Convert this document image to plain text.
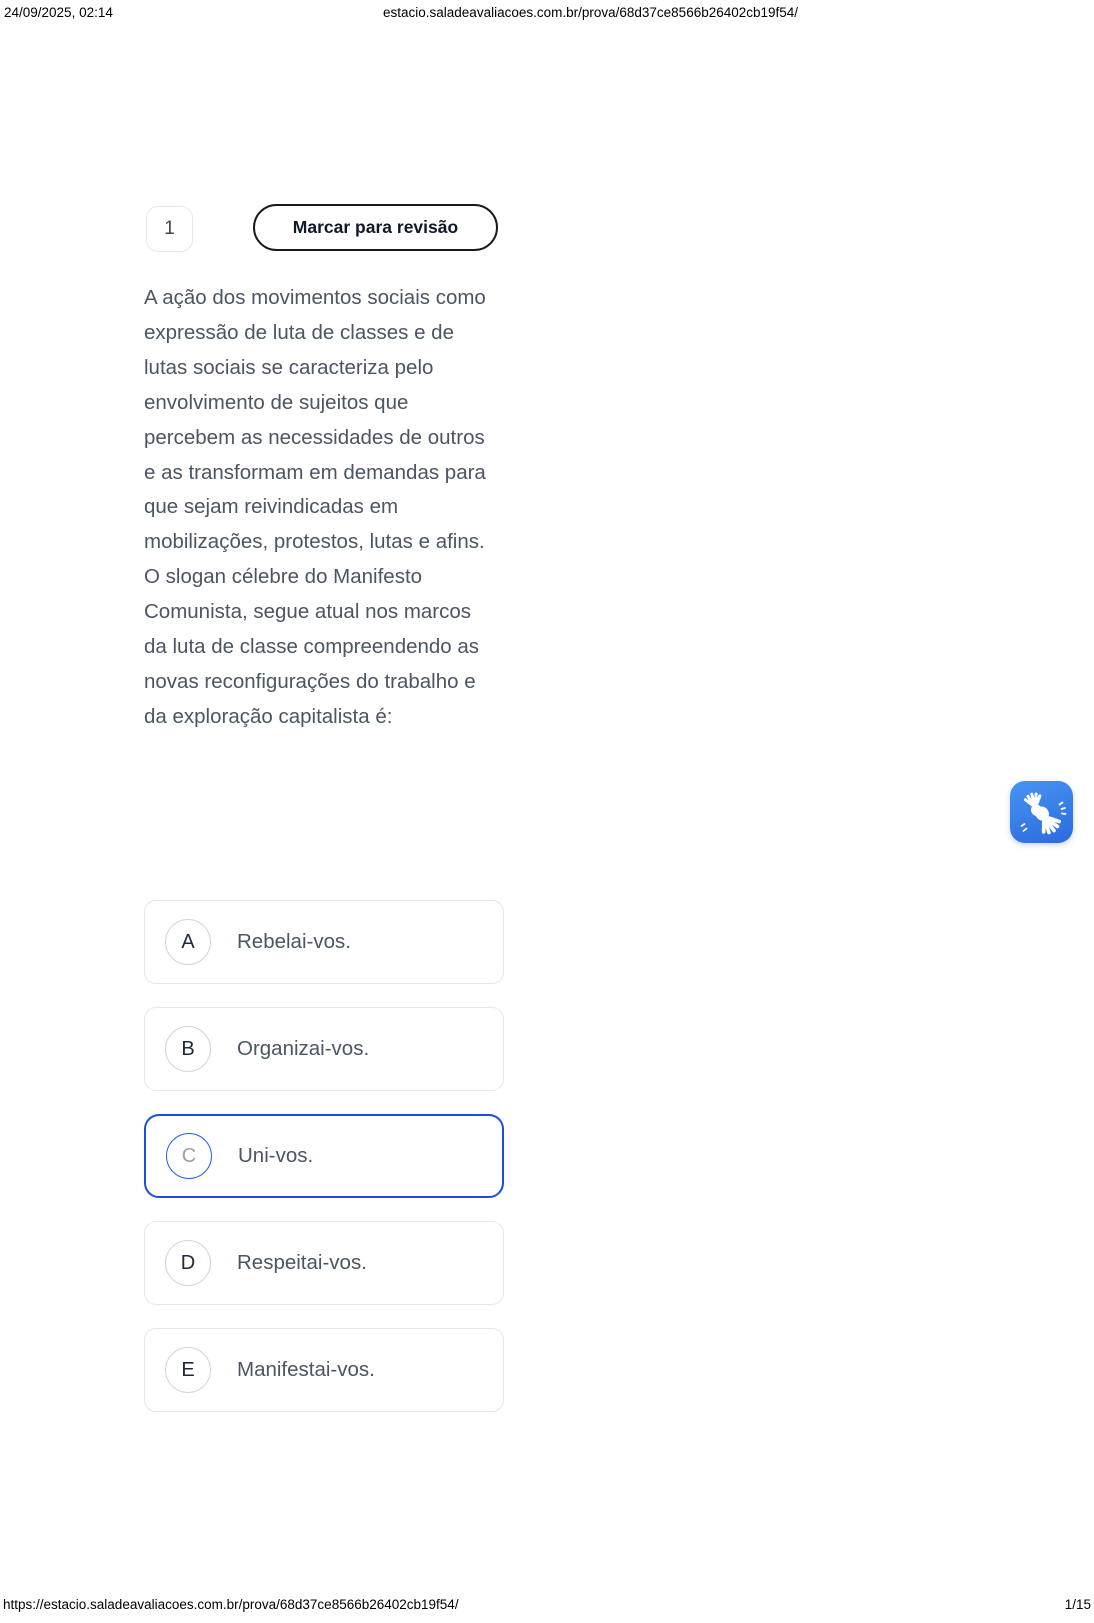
24/09/2025, 02:14	estacio.saladeavaliacoes.com.br/prova/68d37ce8566b26402cb19f54/
1	Marcar para revisão
A ação dos movimentos sociais como expressão de luta de classes e de lutas sociais se caracteriza pelo envolvimento de sujeitos que percebem as necessidades de outros e as transformam em demandas para que sejam reivindicadas em mobilizações, protestos, lutas e afins. O slogan célebre do Manifesto Comunista, segue atual nos marcos da luta de classe compreendendo as novas reconfigurações do trabalho e da exploração capitalista é:
A	Rebelai-vos.
B	Organizai-vos.
C	Uni-vos.
D	Respeitai-vos.
E	Manifestai-vos.
https://estacio.saladeavaliacoes.com.br/prova/68d37ce8566b26402cb19f54/	1/15
